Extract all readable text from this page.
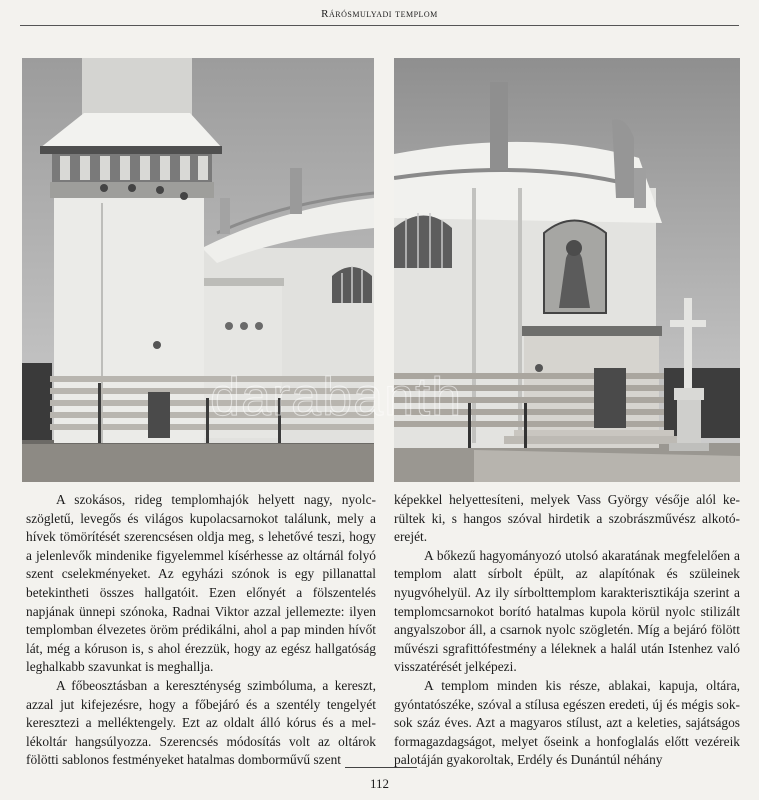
Rárósmulyadi templom

A szokásos, rideg templomhajók helyett nagy, nyolcszögletű, levegős és világos kupolacsarnokot találunk, mely a hívek tömörítését szerencsésen oldja meg, s lehetővé teszi, hogy a jelenlevők mindenike figyelemmel kísérhesse az oltárnál folyó szent cselekményeket. Az egyházi szónok is egy pillanattal betekintheti összes hallgatóit. Ezen előnyét a fölszentelés napjának ünnepi szónoka, Radnai Viktor azzal jellemezte: ilyen templomban élvezetes öröm prédikálni, ahol a pap minden hívőt lát, még a kóruson is, s ahol érezzük, hogy az egész hallgatóság leghalkabb szavunkat is meghallja.

A főbeosztásban a kereszténység szimbóluma, a kereszt, azzal jut kifejezésre, hogy a főbejáró és a szentély tengelyét keresztezi a melléktengely. Ezt az oldalt álló kórus és a mellékoltár hangsúlyozza. Szerencsés módosítás volt az oltárok fölötti sablonos festményeket hatalmas domborművű szent

képekkel helyettesíteni, melyek Vass György vésője alól kerültek ki, s hangos szóval hirdetik a szobrászművész alkotóerejét.

A bőkezű hagyományozó utolsó akaratának megfelelően a templom alatt sírbolt épült, az alapítónak és szüleinek nyugvóhelyül. Az ily sírbolttemplom karakterisztikája szerint a templomcsarnokot borító hatalmas kupola körül nyolc stilizált angyalszobor áll, a csarnok nyolc szögletén. Míg a bejáró fölött művészi sgrafittófestmény a léleknek a halál után Istenhez való visszatérését jelképezi.

A templom minden kis része, ablakai, kapuja, oltára, gyóntatószéke, szóval a stílusa egészen eredeti, új és mégis sok-sok száz éves. Azt a magyaros stílust, azt a keleties, sajátságos formagazdagságot, melyet őseink a honfoglalás előtt vezéreik palotáján gyakoroltak, Erdély és Dunántúl néhány

112
